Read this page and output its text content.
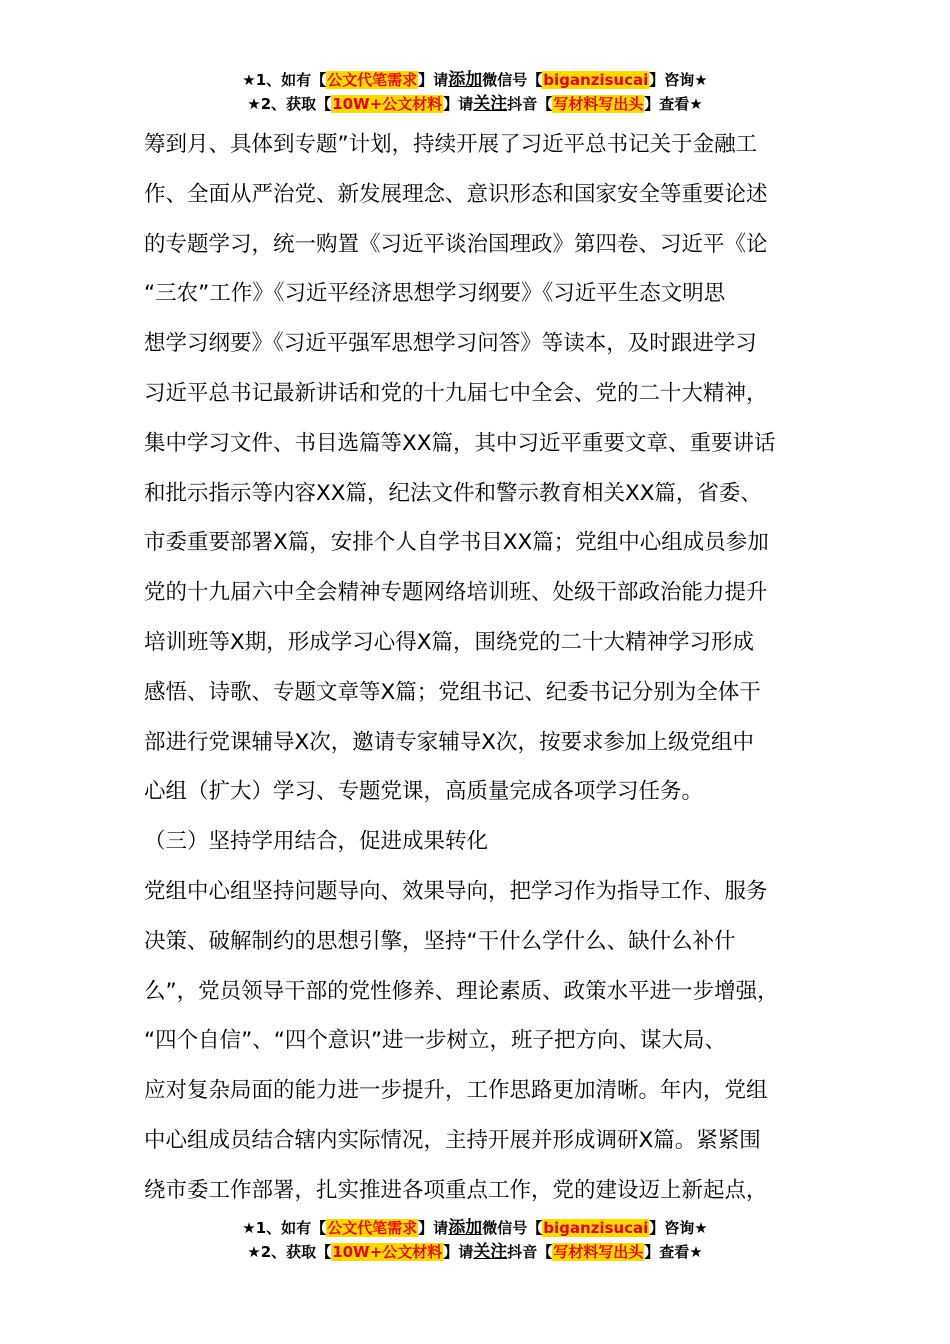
★1、如有【公文代笔需求】请添加微信号【biganzisucai】咨询★
★2、获取【10W+公文材料】请关注抖音【写材料写出头】查看★
筹到月、具体到专题”计划，持续开展了习近平总书记关于金融工
作、全面从严治党、新发展理念、意识形态和国家安全等重要论述
的专题学习，统一购置《习近平谈治国理政》第四卷、习近平《论
“三农”工作》《习近平经济思想学习纲要》《习近平生态文明思
想学习纲要》《习近平强军思想学习问答》等读本，及时跟进学习
习近平总书记最新讲话和党的十九届七中全会、党的二十大精神，
集中学习文件、书目选篇等XX篇，其中习近平重要文章、重要讲话
和批示指示等内容XX篇，纪法文件和警示教育相关XX篇，省委、
市委重要部署X篇，安排个人自学书目XX篇；党组中心组成员参加
党的十九届六中全会精神专题网络培训班、处级干部政治能力提升
培训班等X期，形成学习心得X篇，围绕党的二十大精神学习形成
感悟、诗歌、专题文章等X篇；党组书记、纪委书记分别为全体干
部进行党课辅导X次，邀请专家辅导X次，按要求参加上级党组中
心组（扩大）学习、专题党课，高质量完成各项学习任务。
（三）坚持学用结合，促进成果转化
党组中心组坚持问题导向、效果导向，把学习作为指导工作、服务
决策、破解制约的思想引擎，坚持“干什么学什么、缺什么补什
么”，党员领导干部的党性修养、理论素质、政策水平进一步增强，
“四个自信”、“四个意识”进一步树立，班子把方向、谋大局、
应对复杂局面的能力进一步提升，工作思路更加清晰。年内，党组
中心组成员结合辖内实际情况，主持开展并形成调研X篇。紧紧围
绕市委工作部署，扎实推进各项重点工作，党的建设迈上新起点，
★1、如有【公文代笔需求】请添加微信号【biganzisucai】咨询★
★2、获取【10W+公文材料】请关注抖音【写材料写出头】查看★
